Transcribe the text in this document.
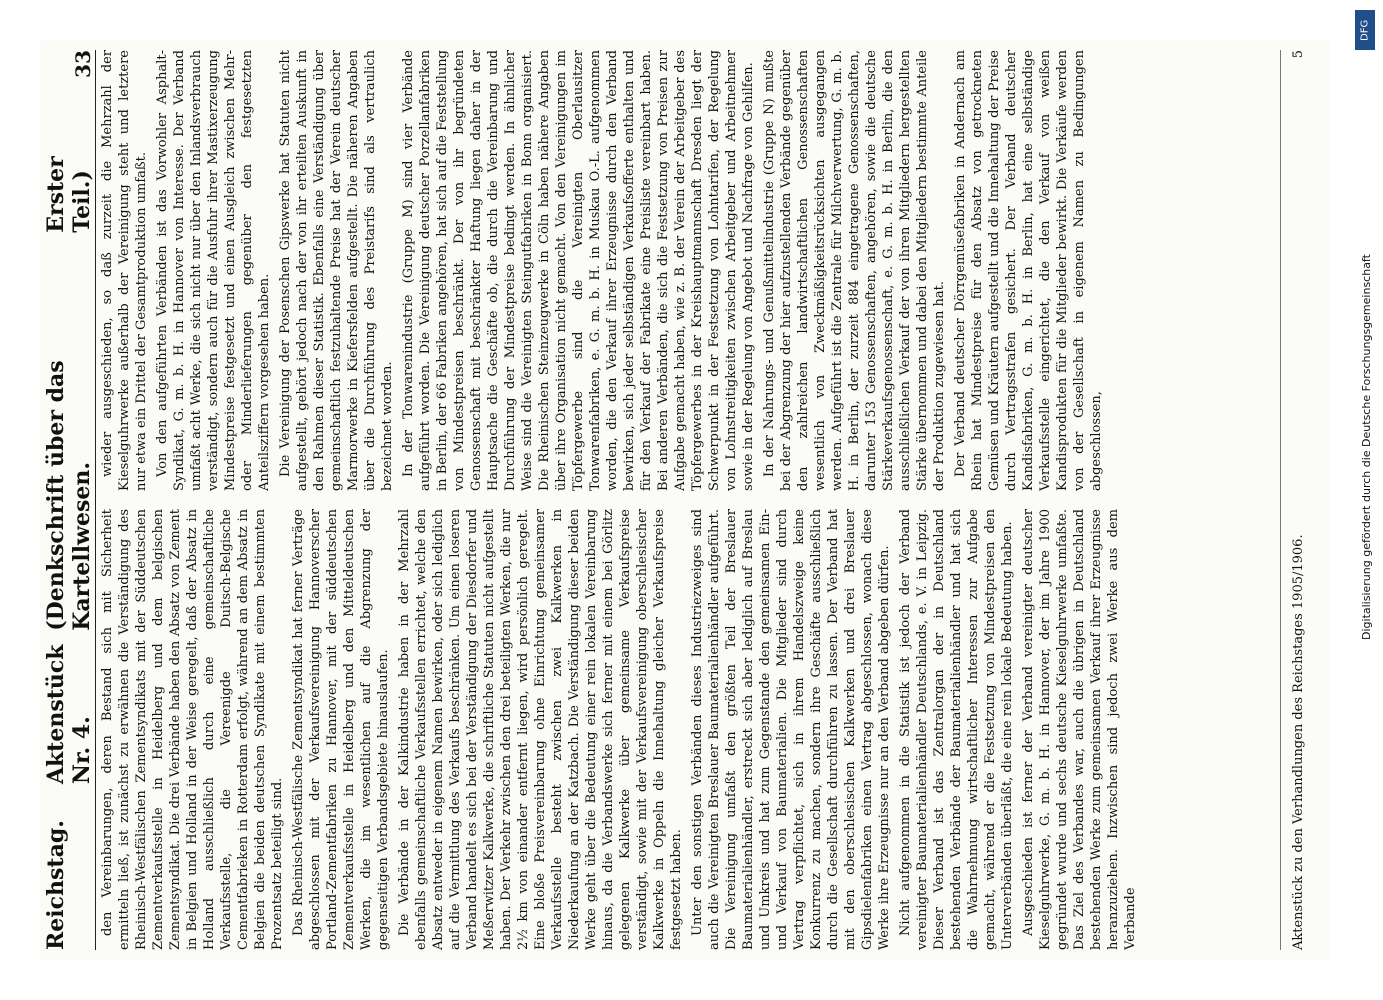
Reichstag.
Aktenstück Nr. 4.
(Denkschrift über das Kartellwesen.
Erster Teil.)
33

den Vereinbarungen, deren Bestand sich mit Sicherheit ermitteln ließ, ist zunächst zu erwähnen die Verständigung des Rheinisch-Westfälischen Zementsyndikats mit der Süddeutschen Zementverkaufsstelle in Heidelberg und dem belgischen Zementsyndikat. Die drei Verbände haben den Absatz von Zement in Belgien und Holland in der Weise geregelt, daß der Absatz in Holland ausschließlich durch eine gemeinschaftliche Verkaufsstelle, die Vereenigde Duitsch-Belgische Cementfabrieken in Rotterdam erfolgt, während an dem Absatz in Belgien die beiden deutschen Syndikate mit einem bestimmten Prozentsatz beteiligt sind. Das Rheinisch-Westfälische Zementsyndikat hat ferner Verträge abgeschlossen mit der Verkaufsvereinigung Hannoverscher Portland-Zementfabriken zu Hannover, mit der süddeutschen Zementverkaufsstelle in Heidelberg und den Mitteldeutschen Werken, die im wesentlichen auf die Abgrenzung der gegenseitigen Verbandsgebiete hinauslaufen. Die Verbände in der Kalkindustrie haben in der Mehrzahl ebenfalls gemeinschaftliche Verkaufsstellen errichtet, welche den Absatz entweder in eigenem Namen bewirken, oder sich lediglich auf die Vermittlung des Verkaufs beschränken. Um einen loseren Verband handelt es sich bei der Verständigung der Diesdorfer und Meßerwitzer Kalkwerke, die schriftliche Statuten nicht aufgestellt haben. Der Verkehr zwischen den drei beteiligten Werken, die nur 2½ km von einander entfernt liegen, wird persönlich geregelt. Eine bloße Preisvereinbarung ohne Einrichtung gemeinsamer Verkaufsstelle besteht zwischen zwei Kalkwerken in Niederkaufung an der Katzbach. Die Verständigung dieser beiden Werke geht über die Bedeutung einer rein lokalen Vereinbarung hinaus, da die Verbandswerke sich ferner mit einem bei Görlitz gelegenen Kalkwerke über gemeinsame Verkaufspreise verständigt, sowie mit der Verkaufsvereinigung oberschlesischer Kalkwerke in Oppeln die Innehaltung gleicher Verkaufspreise festgesetzt haben. Unter den sonstigen Verbänden dieses Industriezweiges sind auch die Vereinigten Breslauer Baumaterialienhändler aufgeführt. Die Vereinigung umfaßt den größten Teil der Breslauer Baumaterialienhändler, erstreckt sich aber lediglich auf Breslau und Umkreis und hat zum Gegenstande den gemeinsamen Ein- und Verkauf von Baumaterialien. Die Mitglieder sind durch Vertrag verpflichtet, sich in ihrem Handelszweige keine Konkurrenz zu machen, sondern ihre Geschäfte ausschließlich durch die Gesellschaft durchführen zu lassen. Der Verband hat mit den oberschlesischen Kalkwerken und drei Breslauer Gipsdielenfabriken einen Vertrag abgeschlossen, wonach diese Werke ihre Erzeugnisse nur an den Verband abgeben dürfen. Nicht aufgenommen in die Statistik ist jedoch der Verband vereinigter Baumaterialienhändler Deutschlands, e. V. in Leipzig. Dieser Verband ist das Zentralorgan der in Deutschland bestehenden Verbände der Baumaterialienhändler und hat sich die Wahrnehmung wirtschaftlicher Interessen zur Aufgabe gemacht, während er die Festsetzung von Mindestpreisen den Unterverbänden überläßt, die eine rein lokale Bedeutung haben. Ausgeschieden ist ferner der Verband vereinigter deutscher Kieselguhrwerke, G. m. b. H. in Hannover, der im Jahre 1900 gegründet wurde und sechs deutsche Kieselguhrwerke umfaßte. Das Ziel des Verbandes war, auch die übrigen in Deutschland bestehenden Werke zum gemeinsamen Verkauf ihrer Erzeugnisse heranzuziehen. Inzwischen sind jedoch zwei Werke aus dem Verbande

wieder ausgeschieden, so daß zurzeit die Mehrzahl der Kieselguhrwerke außerhalb der Vereinigung steht und letztere nur etwa ein Drittel der Gesamtproduktion umfaßt. Von den aufgeführten Verbänden ist das Vorwohler Asphalt-Syndikat, G. m. b. H. in Hannover von Interesse. Der Verband umfaßt acht Werke, die sich nicht nur über den Inlandsverbrauch verständigt, sondern auch für die Ausfuhr ihrer Mastixerzeugung Mindestpreise festgesetzt und einen Ausgleich zwischen Mehr- oder Minderlieferungen gegenüber den festgesetzten Anteilsziffern vorgesehen haben. Die Vereinigung der Posenschen Gipswerke hat Statuten nicht aufgestellt, gehört jedoch nach der von ihr erteilten Auskunft in den Rahmen dieser Statistik. Ebenfalls eine Verständigung über gemeinschaftlich festzuhaltende Preise hat der Verein deutscher Marmorwerke in Kiefersfelden aufgestellt. Die näheren Angaben über die Durchführung des Preistarifs sind als vertraulich bezeichnet worden. In der Tonwarenindustrie (Gruppe M) sind vier Verbände aufgeführt worden. Die Vereinigung deutscher Porzellanfabriken in Berlin, der 66 Fabriken angehören, hat sich auf die Feststellung von Mindestpreisen beschränkt. Der von ihr begründeten Genossenschaft mit beschränkter Haftung liegen daher in der Hauptsache die Geschäfte ob, die durch die Vereinbarung und Durchführung der Mindestpreise bedingt werden. In ähnlicher Weise sind die Vereinigten Steingutfabriken in Bonn organisiert. Die Rheinischen Steinzeugwerke in Cöln haben nähere Angaben über ihre Organisation nicht gemacht. Von den Vereinigungen im Töpfergewerbe sind die Vereinigten Oberlausitzer Tonwarenfabriken, e. G. m. b. H. in Muskau O.-L. aufgenommen worden, die den Verkauf ihrer Erzeugnisse durch den Verband bewirken, sich jeder selbständigen Verkaufsofferte enthalten und für den Verkauf der Fabrikate eine Preisliste vereinbart haben. Bei anderen Verbänden, die sich die Festsetzung von Preisen zur Aufgabe gemacht haben, wie z. B. der Verein der Arbeitgeber des Töpfergewerbes in der Kreishauptmannschaft Dresden liegt der Schwerpunkt in der Festsetzung von Lohntarifen, der Regelung von Lohnstreitigkeiten zwischen Arbeitgeber und Arbeitnehmer sowie in der Regelung von Angebot und Nachfrage von Gehilfen. In der Nahrungs- und Genußmittelindustrie (Gruppe N) mußte bei der Abgrenzung der hier aufzustellenden Verbände gegenüber den zahlreichen landwirtschaftlichen Genossenschaften wesentlich von Zweckmäßigkeitsrücksichten ausgegangen werden. Aufgeführt ist die Zentrale für Milchverwertung, G. m. b. H. in Berlin, der zurzeit 884 eingetragene Genossenschaften, darunter 153 Genossenschaften, angehören, sowie die deutsche Stärkeverkaufsgenossenschaft, e. G. m. b. H. in Berlin, die den ausschließlichen Verkauf der von ihren Mitgliedern hergestellten Stärke übernommen und dabei den Mitgliedern bestimmte Anteile der Produktion zugewiesen hat. Der Verband deutscher Dörrgemüsefabriken in Andernach am Rhein hat Mindestpreise für den Absatz von getrockneten Gemüsen und Kräutern aufgestellt und die Innehaltung der Preise durch Vertragsstrafen gesichert. Der Verband deutscher Kandisfabriken, G. m. b. H. in Berlin, hat eine selbständige Verkaufsstelle eingerichtet, die den Verkauf von weißen Kandisprodukten für die Mitglieder bewirkt. Die Verkäufe werden von der Gesellschaft in eigenem Namen zu Bedingungen abgeschlossen,

Aktenstück zu den Verhandlungen des Reichstages 1905/1906.
5
DFG
Digitalisierung gefördert durch die Deutsche Forschungsgemeinschaft
